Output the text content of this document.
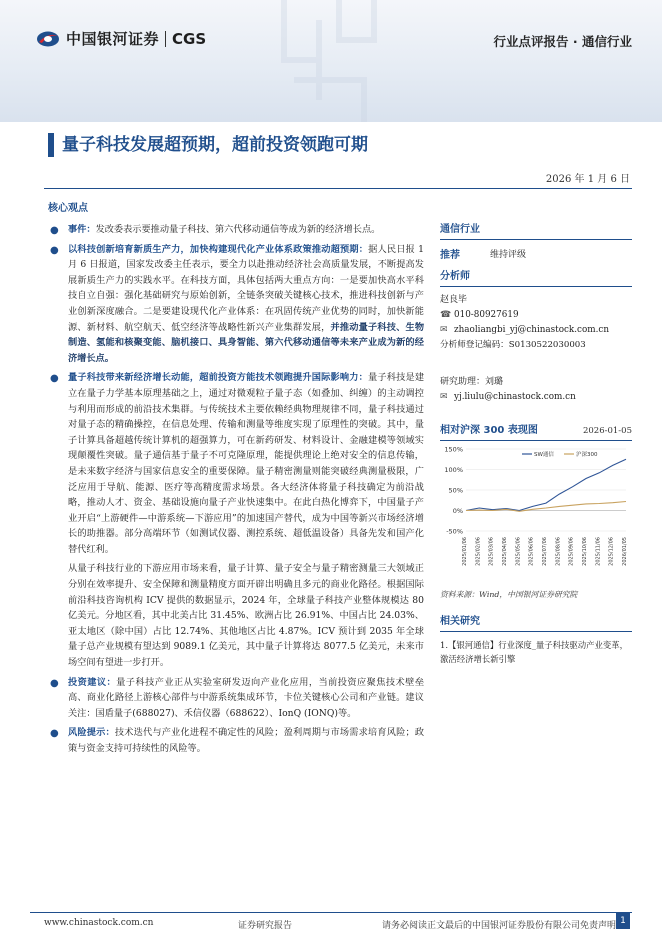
中国银河证券 CGS	行业点评报告 · 通信行业
量子科技发展超预期，超前投资领跑可期
2026 年 1 月 6 日
核心观点
● 事件：发改委表示要推动量子科技、第六代移动通信等成为新的经济增长点。
● 以科技创新培育新质生产力，加快构建现代化产业体系政策推动超预期：据人民日报 1 月 6 日报道，国家发改委主任表示，要全力以赴推动经济社会高质量发展，不断提高发展新质生产力的实践水平。在科技方面，具体包括两大重点方向：一是要加快高水平科技自立自强：强化基础研究与原始创新，全链条突破关键核心技术，推进科技创新与产业创新深度融合。二是要建设现代化产业体系：在巩固传统产业优势的同时，加快新能源、新材料、航空航天、低空经济等战略性新兴产业集群发展，并推动量子科技、生物制造、氢能和核聚变能、脑机接口、具身智能、第六代移动通信等未来产业成为新的经济增长点。
● 量子科技带来新经济增长动能，超前投资方能技术领跑提升国际影响力：量子科技是建立在量子力学基本原理基础之上，通过对微观粒子量子态（如叠加、纠缠）的主动调控与利用而形成的前沿技术集群。与传统技术主要依赖经典物理规律不同，量子科技通过对量子态的精确操控，在信息处理、传输和测量等维度实现了原理性的突破。其中，量子计算具备超越传统计算机的超强算力，可在新药研发、材料设计、金融建模等领域实现颠覆性突破。量子通信基于量子不可克隆原理，能提供理论上绝对安全的信息传输，是未来数字经济与国家信息安全的重要保障。量子精密测量则能突破经典测量极限，广泛应用于导航、能源、医疗等高精度需求场景。各大经济体将量子科技确定为前沿战略，推动人才、资金、基础设施向量子产业快速集中。在此白热化博弈下，中国量子产业开启“上游硬件—中游系统—下游应用”的加速国产替代，成为中国等新兴市场经济增长的助推器。部分高端环节（如测试仪器、测控系统、超低温设备）具备先发和国产化替代红利。
从量子科技行业的下游应用市场来看，量子计算、量子安全与量子精密测量三大领域正分别在效率提升、安全保障和测量精度方面开辟出明确且多元的商业化路径。根据国际前沿科技咨询机构 ICV 提供的数据显示，2024 年，全球量子科技产业整体规模达 80 亿美元。分地区看，其中北美占比 31.45%、欧洲占比 26.91%、中国占比 24.03%、亚太地区（除中国）占比 12.74%、其他地区占比 4.87%。ICV 预计到 2035 年全球量子总产业规模有望达到 9089.1 亿美元，其中量子计算将达 8077.5 亿美元，未来市场空间有望进一步打开。
● 投资建议：量子科技产业正从实验室研发迈向产业化应用，当前投资应聚焦技术壁垒高、商业化路径上游核心部件与中游系统集成环节，卡位关键核心公司和产业链。建议关注：国盾量子(688027)、禾信仪器（688622）、IonQ (IONQ)等。
● 风险提示：技术迭代与产业化进程不确定性的风险；盈利周期与市场需求培育风险；政策与资金支持可持续性的风险等。
通信行业
推荐	维持评级
分析师
赵良毕
☎ 010-80927619
✉ zhaoliangbi_yj@chinastock.com.cn
分析师登记编码：S0130522030003
研究助理：刘璐
✉ yj.liulu@chinastock.com.cn
相对沪深 300 表现图	2026-01-05
150%
100%
50%
0%
-50%
2025/01/06 2025/02/06 2025/03/06 2025/04/06 2025/05/06 2025/06/06 2025/07/06 2025/08/06 2025/09/06 2025/10/06 2025/11/06 2025/12/06 2026/01/05
SW通信	沪深300
资料来源：Wind，中国银河证券研究院
相关研究
1.【银河通信】行业深度_量子科技驱动产业变革，激活经济增长新引擎
www.chinastock.com.cn	证券研究报告	请务必阅读正文最后的中国银河证券股份有限公司免责声明 1
